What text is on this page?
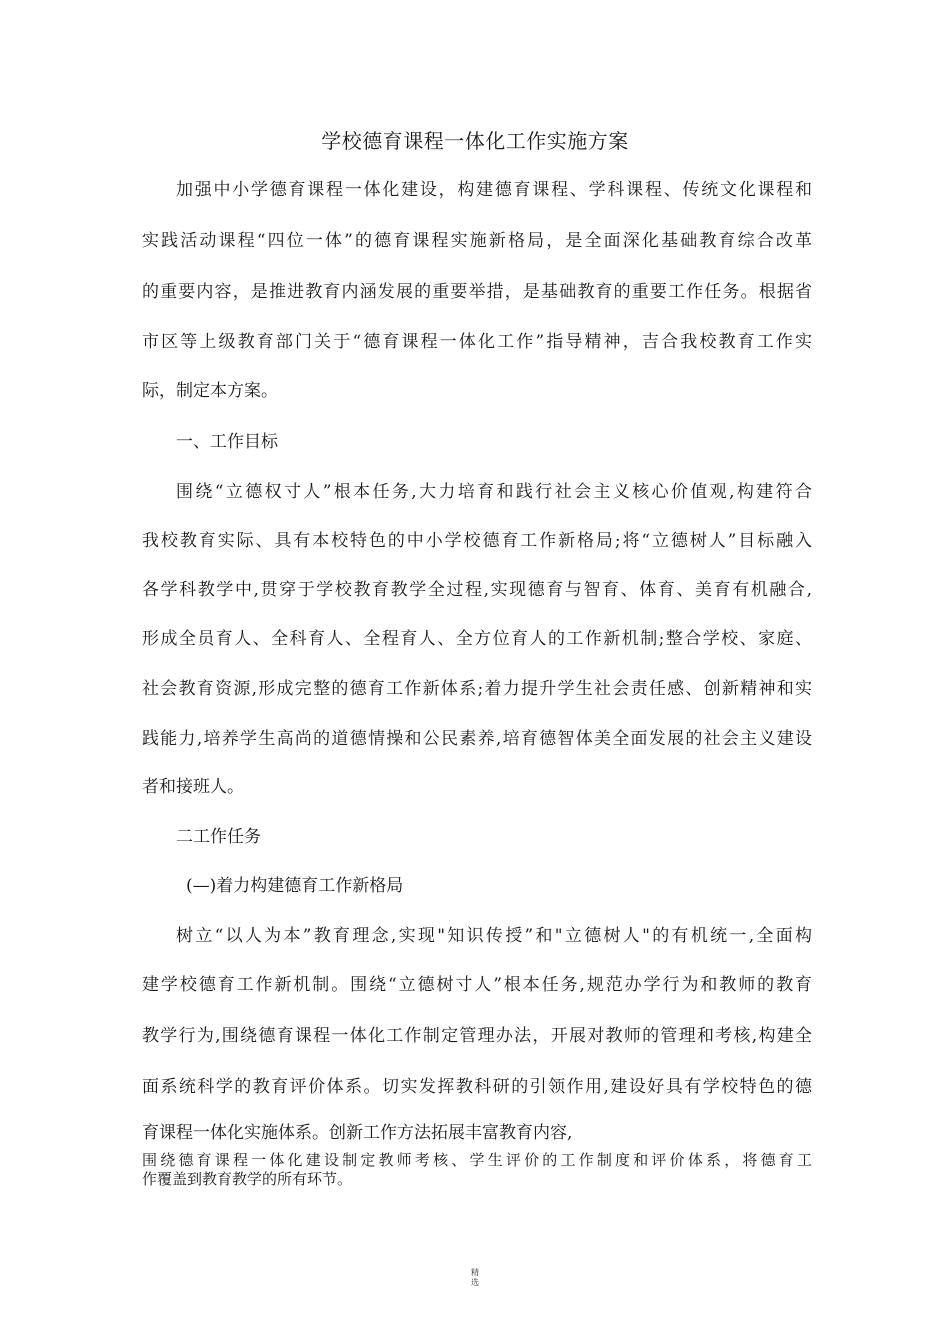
学校德育课程一体化工作实施方案
加强中小学德育课程一体化建设，构建德育课程、学科课程、传统文化课程和
实践活动课程“四位一体”的德育课程实施新格局，是全面深化基础教育综合改革
的重要内容，是推进教育内涵发展的重要举措，是基础教育的重要工作任务。根据省
市区等上级教育部门关于“德育课程一体化工作”指导精神，吉合我校教育工作实
际，制定本方案。
一、工作目标
围绕“立德权寸人”根本任务,大力培育和践行社会主义核心价值观,构建符合
我校教育实际、具有本校特色的中小学校德育工作新格局;将“立德树人”目标融入
各学科教学中,贯穿于学校教育教学全过程,实现德育与智育、体育、美育有机融合,
形成全员育人、全科育人、全程育人、全方位育人的工作新机制;整合学校、家庭、
社会教育资源,形成完整的德育工作新体系;着力提升学生社会责任感、创新精神和实
践能力,培养学生高尚的道德情操和公民素养,培育德智体美全面发展的社会主义建设
者和接班人。
二工作任务
(—)着力构建德育工作新格局
树立“以人为本”教育理念,实现"知识传授”和"立德树人"的有机统一,全面构
建学校德育工作新机制。围绕“立德树寸人”根本任务,规范办学行为和教师的教育
教学行为,围绕德育课程一体化工作制定管理办法，开展对教师的管理和考核,构建全
面系统科学的教育评价体系。切实发挥教科研的引领作用,建设好具有学校特色的德
育课程一体化实施体系。创新工作方法拓展丰富教育内容,
围绕德育课程一体化建设制定教师考核、学生评价的工作制度和评价体系，将德育工
作覆盖到教育教学的所有环节。
精
选
